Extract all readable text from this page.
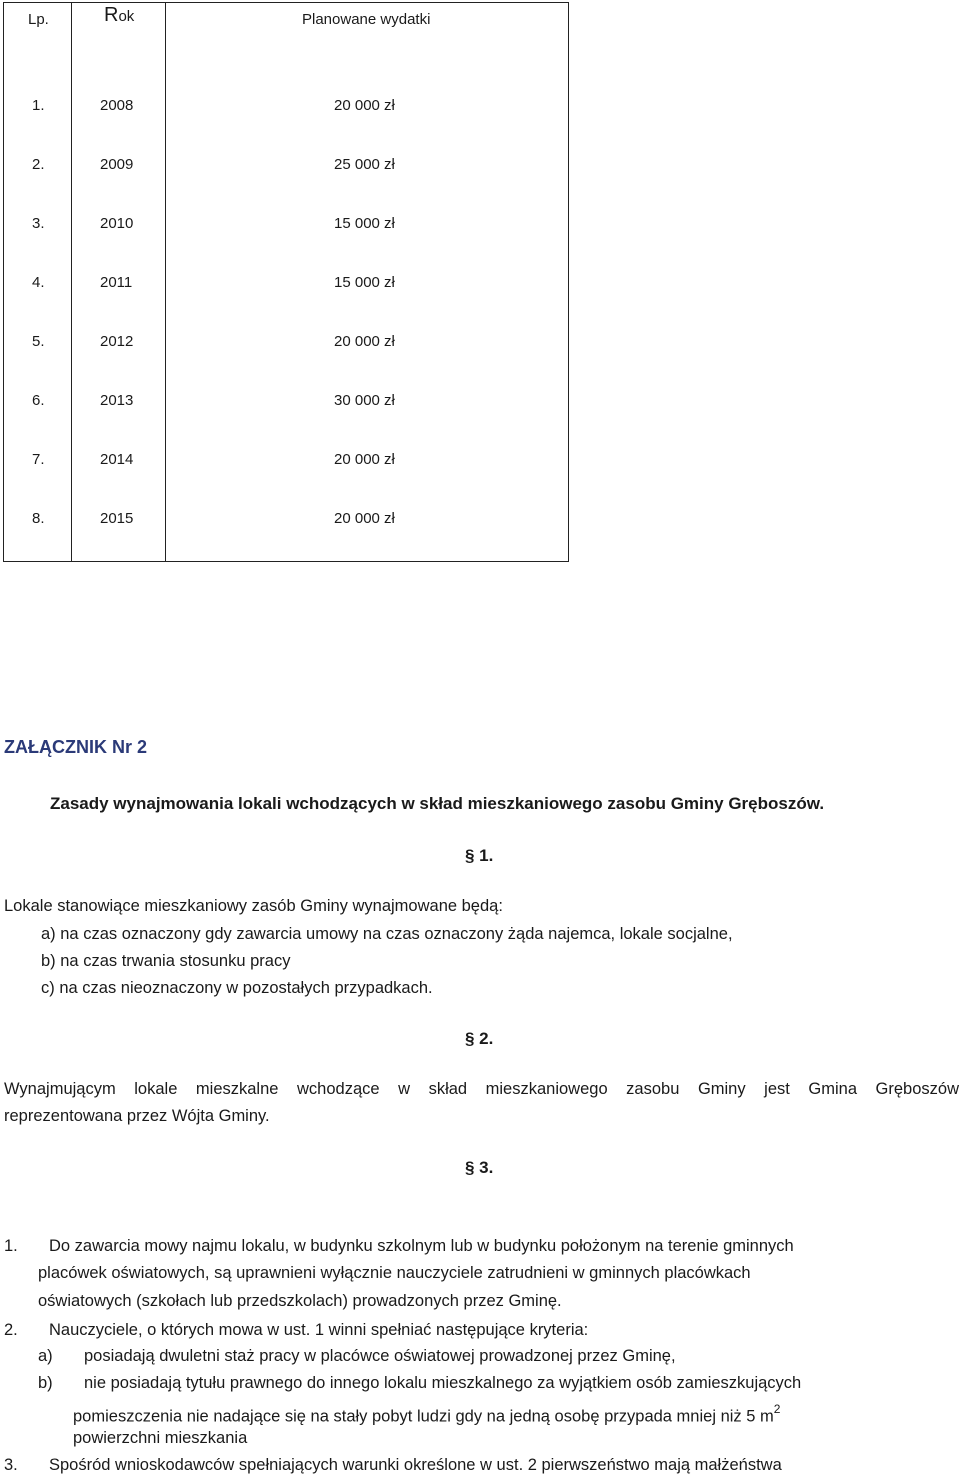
Lp.	Rok	Planowane wydatki
1.	2008	20 000 zł
2.	2009	25 000 zł
3.	2010	15 000 zł
4.	2011	15 000 zł
5.	2012	20 000 zł
6.	2013	30 000 zł
7.	2014	20 000 zł
8.	2015	20 000 zł
ZAŁĄCZNIK Nr 2
Zasady wynajmowania lokali wchodzących w skład mieszkaniowego zasobu Gminy Gręboszów.
§ 1.
Lokale stanowiące mieszkaniowy zasób Gminy wynajmowane będą:
a) na czas oznaczony gdy zawarcia umowy na czas oznaczony żąda najemca, lokale socjalne,
b) na czas trwania stosunku pracy
c) na czas nieoznaczony w pozostałych przypadkach.
§ 2.
Wynajmującym lokale mieszkalne wchodzące w skład mieszkaniowego zasobu Gminy jest Gmina Gręboszów
reprezentowana przez Wójta Gminy.
§ 3.
1. Do zawarcia mowy najmu lokalu, w budynku szkolnym lub w budynku położonym na terenie gminnych
placówek oświatowych, są uprawnieni wyłącznie nauczyciele zatrudnieni w gminnych placówkach
oświatowych (szkołach lub przedszkolach) prowadzonych przez Gminę.
2. Nauczyciele, o których mowa w ust. 1 winni spełniać następujące kryteria:
a) posiadają dwuletni staż pracy w placówce oświatowej prowadzonej przez Gminę,
b) nie posiadają tytułu prawnego do innego lokalu mieszkalnego za wyjątkiem osób zamieszkujących
pomieszczenia nie nadające się na stały pobyt ludzi gdy na jedną osobę przypada mniej niż 5 $m^2$
powierzchni mieszkania
3. Spośród wnioskodawców spełniających warunki określone w ust. 2 pierwszeństwo mają małżeństwa
